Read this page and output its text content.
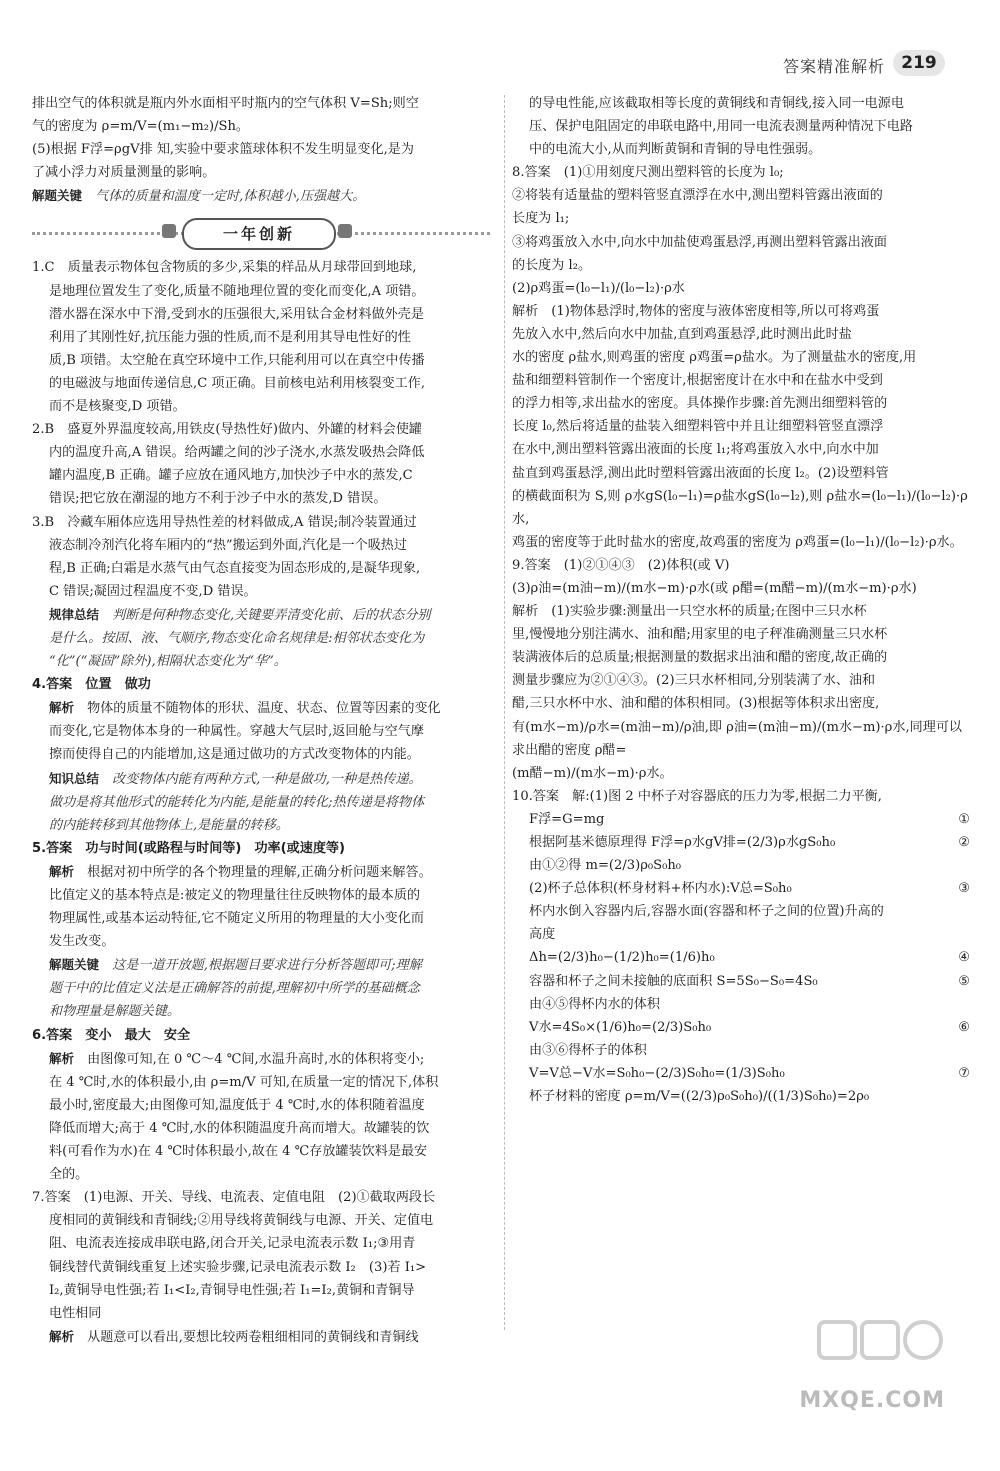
答案精准解析 219

排出空气的体积就是瓶内外水面相平时瓶内的空气体积 V=Sh;则空

气的密度为 ρ=m/V=(m₁−m₂)/Sh。

(5)根据 F浮=ρgV排 知,实验中要求篮球体积不发生明显变化,是为

了减小浮力对质量测量的影响。

解题关键　 气体的质量和温度一定时,体积越小,压强越大。

一年创新

1.C　质量表示物体包含物质的多少,采集的样品从月球带回到地球,

是地理位置发生了变化,质量不随地理位置的变化而变化,A 项错。

潜水器在深水中下滑,受到水的压强很大,采用钛合金材料做外壳是

利用了其刚性好,抗压能力强的性质,而不是利用其导电性好的性

质,B 项错。太空舱在真空环境中工作,只能利用可以在真空中传播

的电磁波与地面传递信息,C 项正确。目前核电站利用核裂变工作,

而不是核聚变,D 项错。

2.B　盛夏外界温度较高,用铁皮(导热性好)做内、外罐的材料会使罐

内的温度升高,A 错误。给两罐之间的沙子浇水,水蒸发吸热会降低

罐内温度,B 正确。罐子应放在通风地方,加快沙子中水的蒸发,C

错误;把它放在潮湿的地方不利于沙子中水的蒸发,D 错误。

3.B　冷藏车厢体应选用导热性差的材料做成,A 错误;制冷装置通过

液态制冷剂汽化将车厢内的“热”搬运到外面,汽化是一个吸热过

程,B 正确;白霜是水蒸气由气态直接变为固态形成的,是凝华现象,

C 错误;凝固过程温度不变,D 错误。

规律总结　 判断是何种物态变化,关键要弄清变化前、后的状态分别

是什么。按固、液、气顺序,物态变化命名规律是:相邻状态变化为

“化”(“凝固”除外),相隔状态变化为“华”。

4.答案　位置　做功

解析　 物体的质量不随物体的形状、温度、状态、位置等因素的变化

而变化,它是物体本身的一种属性。穿越大气层时,返回舱与空气摩

擦而使得自己的内能增加,这是通过做功的方式改变物体的内能。

知识总结　 改变物体内能有两种方式,一种是做功,一种是热传递。

做功是将其他形式的能转化为内能,是能量的转化;热传递是将物体

的内能转移到其他物体上,是能量的转移。

5.答案　功与时间(或路程与时间等)　功率(或速度等)

解析　 根据对初中所学的各个物理量的理解,正确分析问题来解答。

比值定义的基本特点是:被定义的物理量往往反映物体的最本质的

物理属性,或基本运动特征,它不随定义所用的物理量的大小变化而

发生改变。

解题关键　 这是一道开放题,根据题目要求进行分析答题即可;理解

题干中的比值定义法是正确解答的前提,理解初中所学的基础概念

和物理量是解题关键。

6.答案　变小　最大　安全

解析　 由图像可知,在 0 ℃～4 ℃间,水温升高时,水的体积将变小;

在 4 ℃时,水的体积最小,由 ρ=m/V 可知,在质量一定的情况下,体积

最小时,密度最大;由图像可知,温度低于 4 ℃时,水的体积随着温度

降低而增大;高于 4 ℃时,水的体积随温度升高而增大。故罐装的饮

料(可看作为水)在 4 ℃时体积最小,故在 4 ℃存放罐装饮料是最安

全的。

7.答案　(1)电源、开关、导线、电流表、定值电阻　(2)①截取两段长

度相同的黄铜线和青铜线;②用导线将黄铜线与电源、开关、定值电

阻、电流表连接成串联电路,闭合开关,记录电流表示数 I₁;③用青

铜线替代黄铜线重复上述实验步骤,记录电流表示数 I₂　(3)若 I₁>

I₂,黄铜导电性强;若 I₁<I₂,青铜导电性强;若 I₁=I₂,黄铜和青铜导

电性相同

解析　 从题意可以看出,要想比较两卷粗细相同的黄铜线和青铜线

的导电性能,应该截取相等长度的黄铜线和青铜线,接入同一电源电

压、保护电阻固定的串联电路中,用同一电流表测量两种情况下电路

中的电流大小,从而判断黄铜和青铜的导电性强弱。

8.答案　(1)①用刻度尺测出塑料管的长度为 l₀;

②将装有适量盐的塑料管竖直漂浮在水中,测出塑料管露出液面的

长度为 l₁;

③将鸡蛋放入水中,向水中加盐使鸡蛋悬浮,再测出塑料管露出液面

的长度为 l₂。

(2)ρ鸡蛋=(l₀−l₁)/(l₀−l₂)·ρ水

解析　(1)物体悬浮时,物体的密度与液体密度相等,所以可将鸡蛋

先放入水中,然后向水中加盐,直到鸡蛋悬浮,此时测出此时盐

水的密度 ρ盐水,则鸡蛋的密度 ρ鸡蛋=ρ盐水。为了测量盐水的密度,用

盐和细塑料管制作一个密度计,根据密度计在水中和在盐水中受到

的浮力相等,求出盐水的密度。具体操作步骤:首先测出细塑料管的

长度 l₀,然后将适量的盐装入细塑料管中并且让细塑料管竖直漂浮

在水中,测出塑料管露出液面的长度 l₁;将鸡蛋放入水中,向水中加

盐直到鸡蛋悬浮,测出此时塑料管露出液面的长度 l₂。(2)设塑料管

的横截面积为 S,则 ρ水gS(l₀−l₁)=ρ盐水gS(l₀−l₂),则 ρ盐水=(l₀−l₁)/(l₀−l₂)·ρ水,

鸡蛋的密度等于此时盐水的密度,故鸡蛋的密度为 ρ鸡蛋=(l₀−l₁)/(l₀−l₂)·ρ水。

9.答案　(1)②①④③　(2)体积(或 V)

(3)ρ油=(m油−m)/(m水−m)·ρ水(或 ρ醋=(m醋−m)/(m水−m)·ρ水)

解析　(1)实验步骤:测量出一只空水杯的质量;在图中三只水杯

里,慢慢地分别注满水、油和醋;用家里的电子秤准确测量三只水杯

装满液体后的总质量;根据测量的数据求出油和醋的密度,故正确的

测量步骤应为②①④③。(2)三只水杯相同,分别装满了水、油和

醋,三只水杯中水、油和醋的体积相同。(3)根据等体积求出密度,

有(m水−m)/ρ水=(m油−m)/ρ油,即 ρ油=(m油−m)/(m水−m)·ρ水,同理可以求出醋的密度 ρ醋=

(m醋−m)/(m水−m)·ρ水。

10.答案　解:(1)图 2 中杯子对容器底的压力为零,根据二力平衡,

F浮=G=mg	①
根据阿基米德原理得 F浮=ρ水gV排=(2/3)ρ水gS₀h₀	②
由①②得 m=(2/3)ρ₀S₀h₀
(2)杯子总体积(杯身材料+杯内水):V总=S₀h₀	③
杯内水倒入容器内后,容器水面(容器和杯子之间的位置)升高的
高度
Δh=(2/3)h₀−(1/2)h₀=(1/6)h₀	④
容器和杯子之间未接触的底面积 S=5S₀−S₀=4S₀	⑤
由④⑤得杯内水的体积
V水=4S₀×(1/6)h₀=(2/3)S₀h₀	⑥
由③⑥得杯子的体积
V=V总−V水=S₀h₀−(2/3)S₀h₀=(1/3)S₀h₀	⑦
杯子材料的密度 ρ=m/V=((2/3)ρ₀S₀h₀)/((1/3)S₀h₀)=2ρ₀
MXQE.COM
